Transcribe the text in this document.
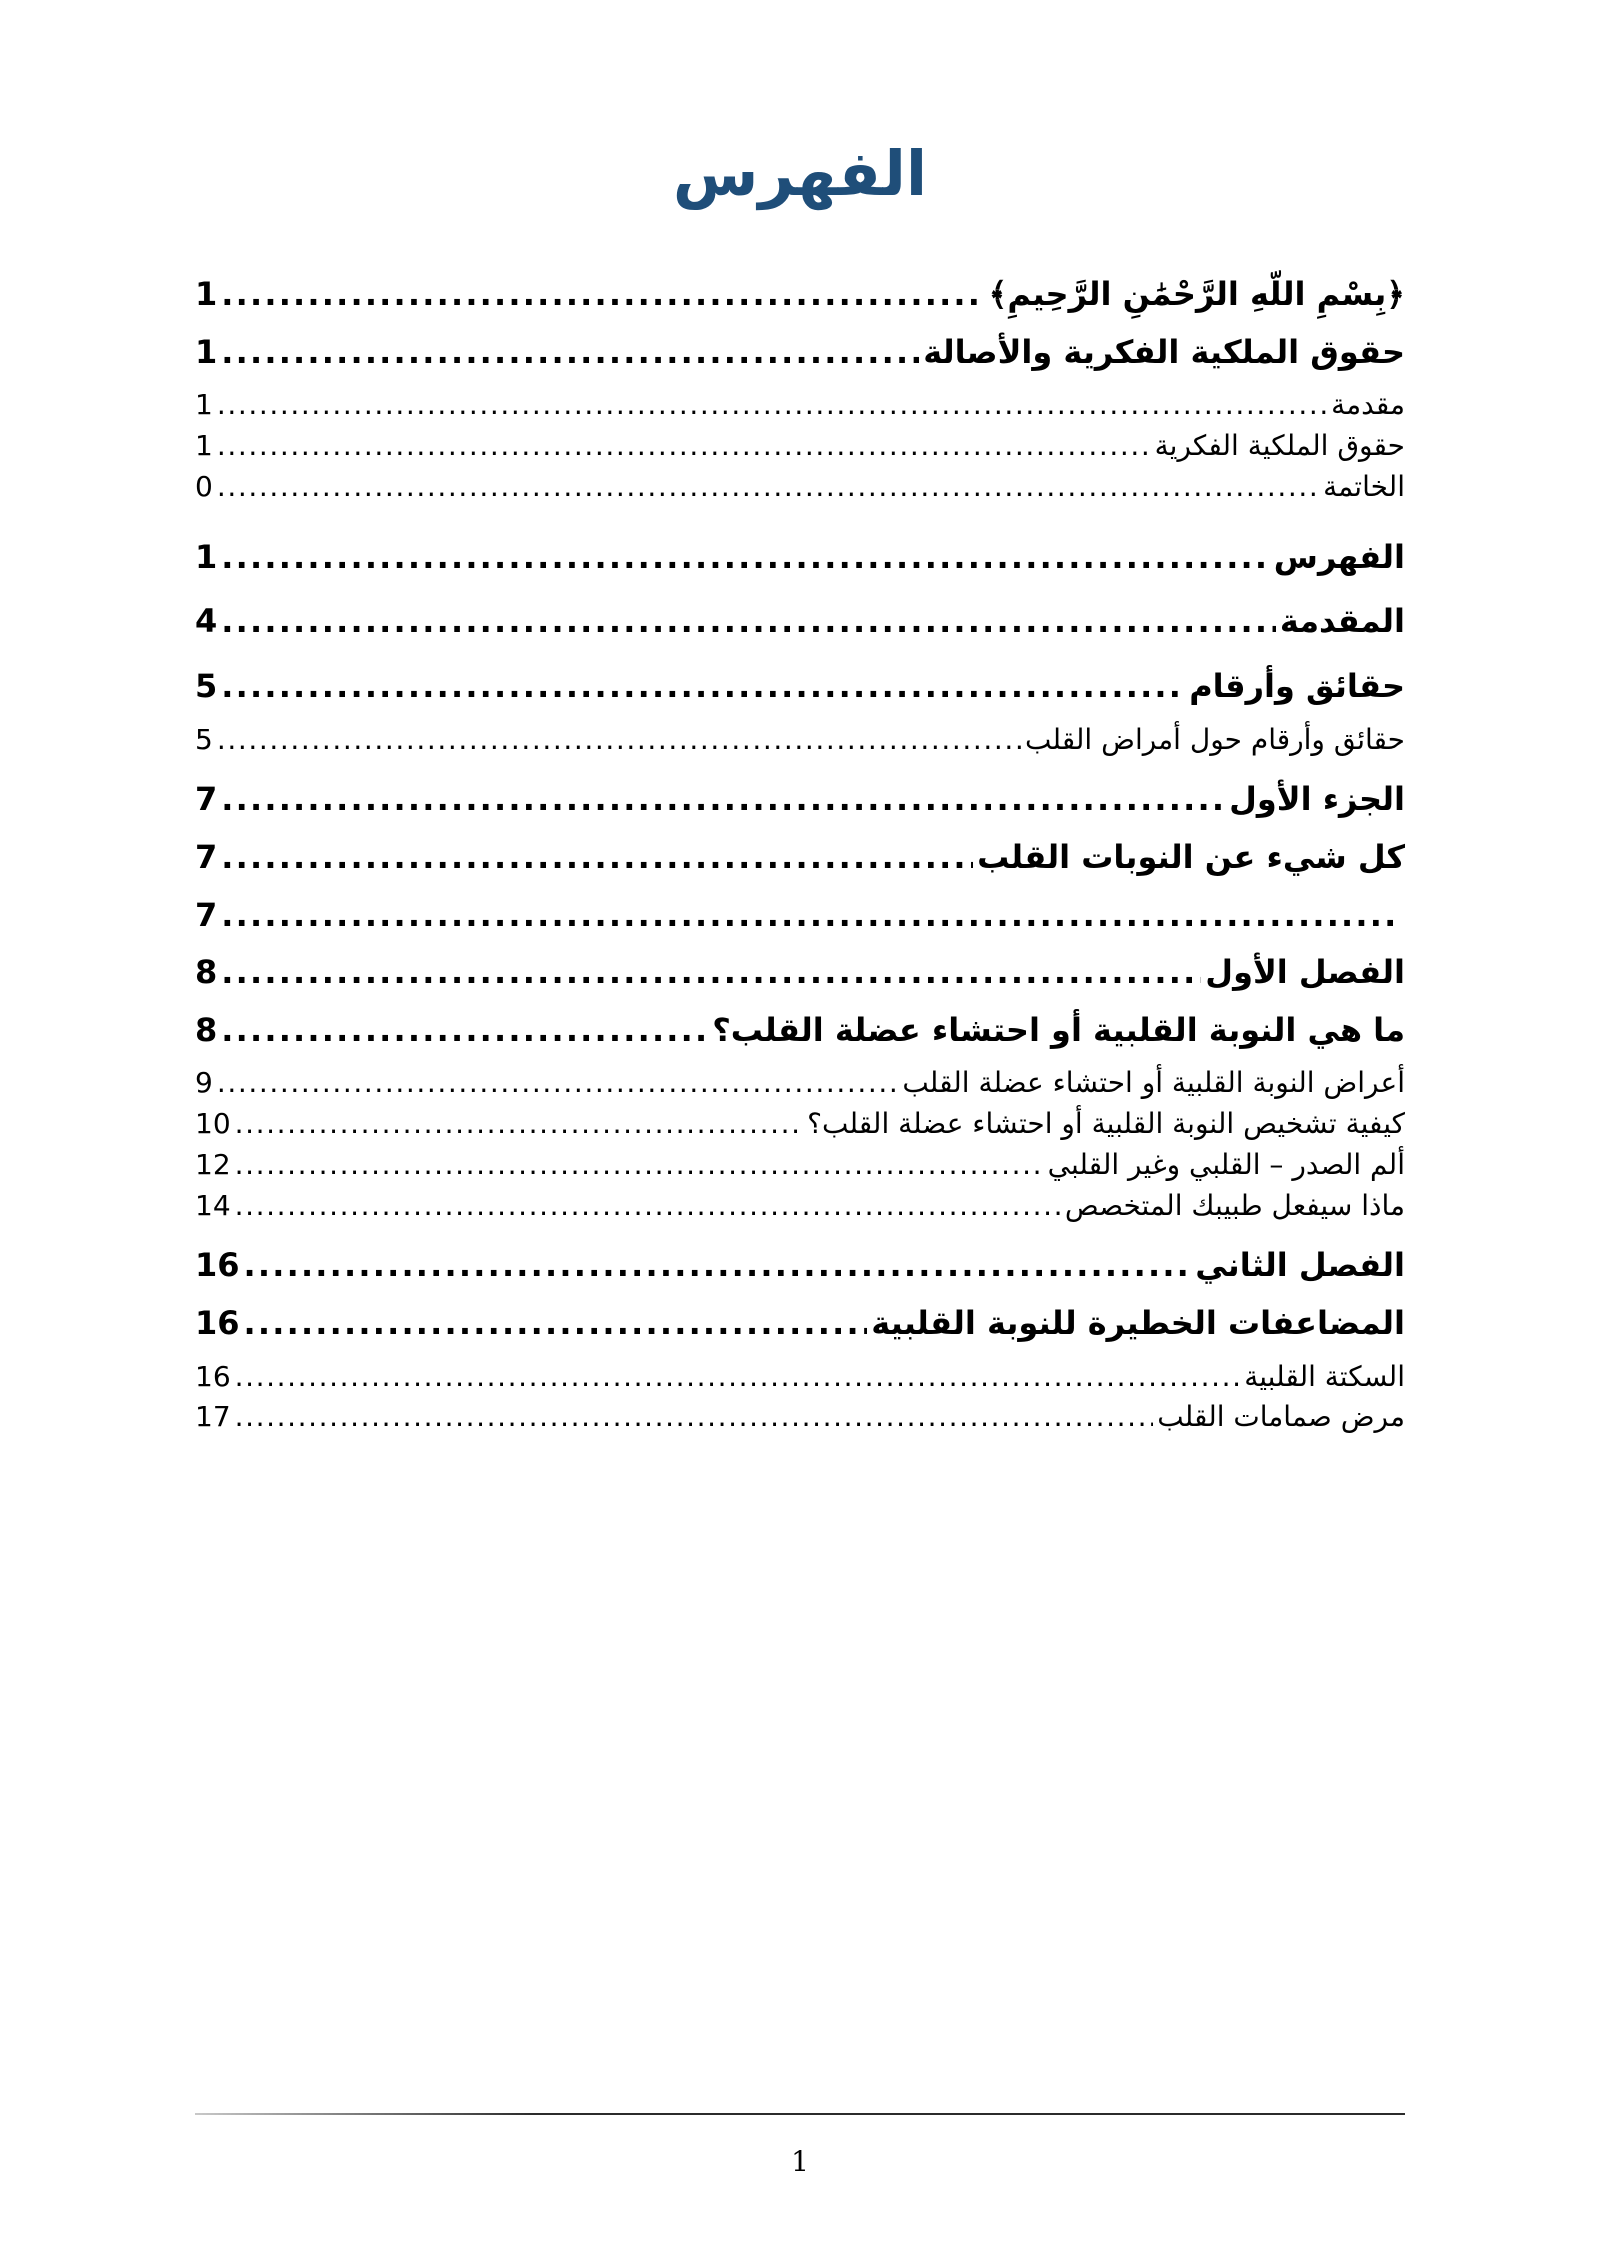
الفهرس
﴿بِسْمِ اللَّهِ الرَّحْمَٰنِ الرَّحِيمِ﴾
.....
1
حقوق الملكية الفكرية والأصالة
.....
1
مقدمة
.....
1
حقوق الملكية الفكرية
.....
1
الخاتمة
.....
0
الفهرس
.....
1
المقدمة
.....
4
حقائق وأرقام
.....
5
حقائق وأرقام حول أمراض القلب
.....
5
الجزء الأول
.....
7
كل شيء عن النوبات القلب
.....
7
.....
7
الفصل الأول
.....
8
ما هي النوبة القلبية أو احتشاء عضلة القلب؟
.....
8
أعراض النوبة القلبية أو احتشاء عضلة القلب
.....
9
كيفية تشخيص النوبة القلبية أو احتشاء عضلة القلب؟
.....
10
ألم الصدر – القلبي وغير القلبي
.....
12
ماذا سيفعل طبيبك المتخصص
.....
14
الفصل الثاني
.....
16
المضاعفات الخطيرة للنوبة القلبية
.....
16
السكتة القلبية
.....
16
مرض صمامات القلب
.....
17
1
